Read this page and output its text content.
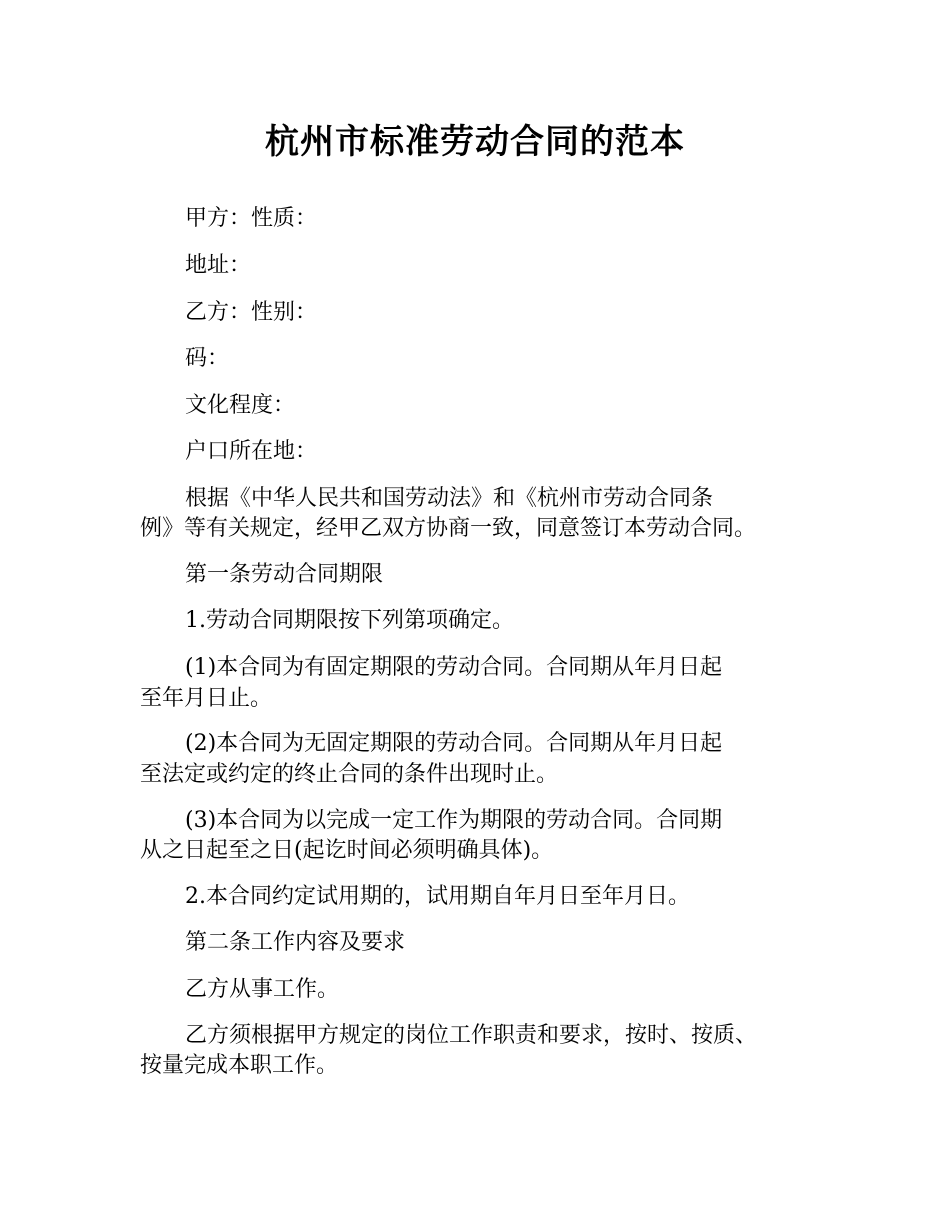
杭州市标准劳动合同的范本

甲方：性质：

地址：

乙方：性别：

码：

文化程度：

户口所在地：

根据《中华人民共和国劳动法》和《杭州市劳动合同条

例》等有关规定，经甲乙双方协商一致，同意签订本劳动合同。

第一条劳动合同期限

1.劳动合同期限按下列第项确定。

(1)本合同为有固定期限的劳动合同。合同期从年月日起

至年月日止。

(2)本合同为无固定期限的劳动合同。合同期从年月日起

至法定或约定的终止合同的条件出现时止。

(3)本合同为以完成一定工作为期限的劳动合同。合同期

从之日起至之日(起讫时间必须明确具体)。

2.本合同约定试用期的，试用期自年月日至年月日。

第二条工作内容及要求

乙方从事工作。

乙方须根据甲方规定的岗位工作职责和要求，按时、按质、

按量完成本职工作。
